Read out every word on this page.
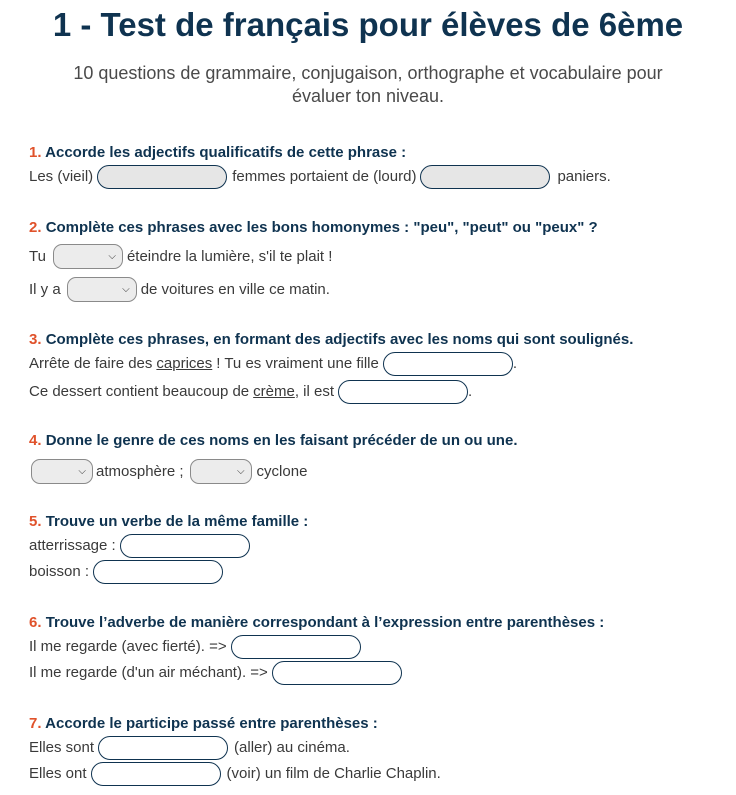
1 - Test de français pour élèves de 6ème

10 questions de grammaire, conjugaison, orthographe et vocabulaire pour évaluer ton niveau.

1. Accorde les adjectifs qualificatifs de cette phrase :
Les (vieil)	femmes portaient de (lourd)	paniers.
2. Complète ces phrases avec les bons homonymes : "peu", "peut" ou "peux" ?
Tu	⌵ éteindre la lumière, s'il te plait !
Il y a	⌵ de voitures en ville ce matin.
3. Complète ces phrases, en formant des adjectifs avec les noms qui sont soulignés.
Arrête de faire des caprices ! Tu es vraiment une fille	.
Ce dessert contient beaucoup de crème , il est	.
4. Donne le genre de ces noms en les faisant précéder de un ou une.
⌵ atmosphère ;	⌵ cyclone
5. Trouve un verbe de la même famille :
atterrissage :
boisson :
6. Trouve l’adverbe de manière correspondant à l’expression entre parenthèses :
Il me regarde (avec fierté). =>
Il me regarde (d'un air méchant). =>
7. Accorde le participe passé entre parenthèses :
Elles sont	(aller) au cinéma.
Elles ont	(voir) un film de Charlie Chaplin.
